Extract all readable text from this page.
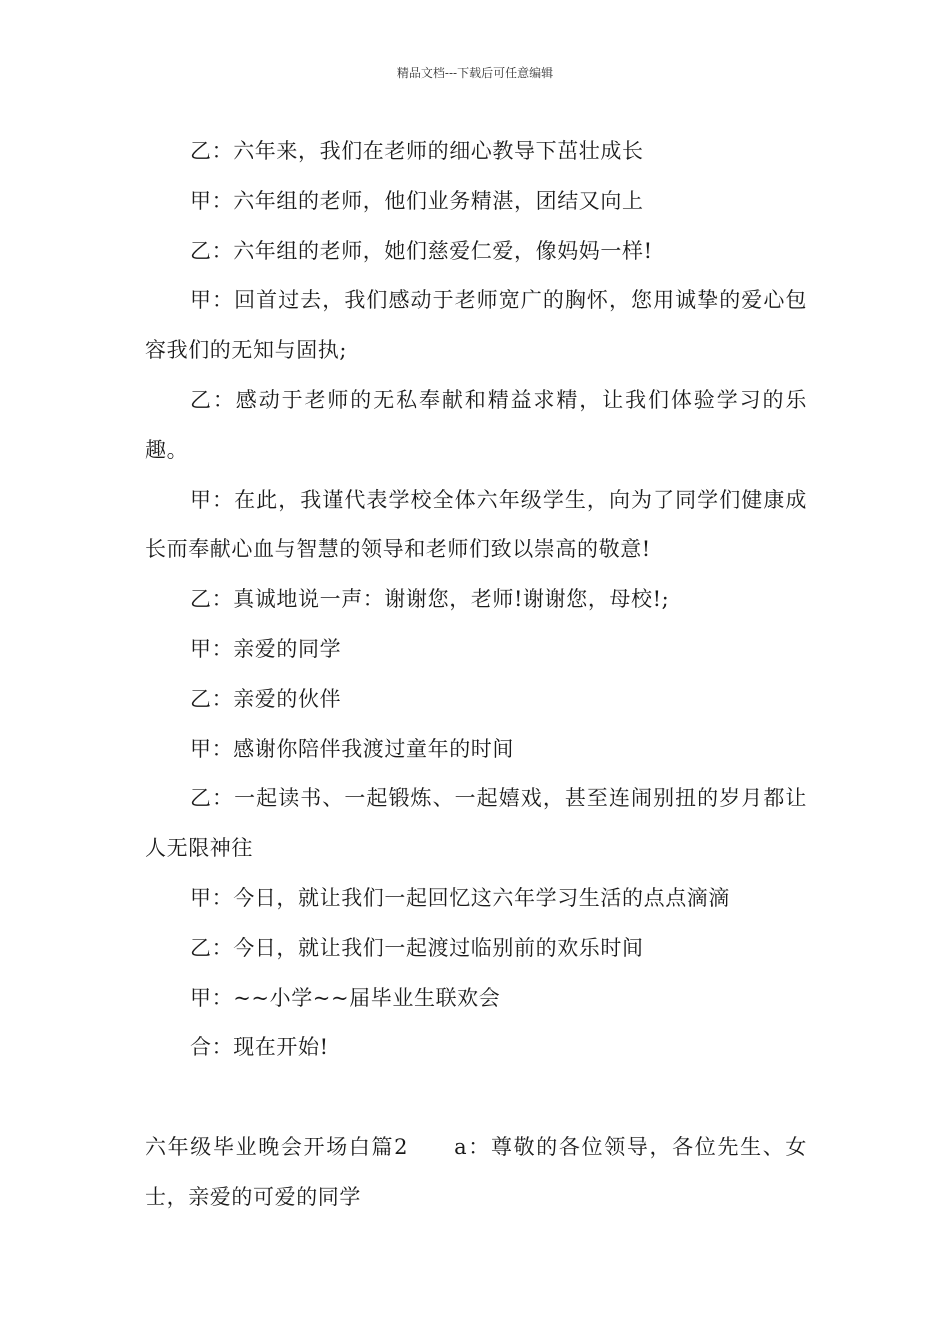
精品文档---下载后可任意编辑

乙：六年来，我们在老师的细心教导下茁壮成长

甲：六年组的老师，他们业务精湛，团结又向上

乙：六年组的老师，她们慈爱仁爱，像妈妈一样!

甲：回首过去，我们感动于老师宽广的胸怀，您用诚挚的爱心包容我们的无知与固执;

乙：感动于老师的无私奉献和精益求精，让我们体验学习的乐趣。

甲：在此，我谨代表学校全体六年级学生，向为了同学们健康成长而奉献心血与智慧的领导和老师们致以崇高的敬意!

乙：真诚地说一声：谢谢您，老师!谢谢您，母校!;

甲：亲爱的同学

乙：亲爱的伙伴

甲：感谢你陪伴我渡过童年的时间

乙：一起读书、一起锻炼、一起嬉戏，甚至连闹别扭的岁月都让人无限神往

甲：今日，就让我们一起回忆这六年学习生活的点点滴滴

乙：今日，就让我们一起渡过临别前的欢乐时间

甲：~~小学~~届毕业生联欢会

合：现在开始!

六年级毕业晚会开场白篇2 a：尊敬的各位领导，各位先生、女士，亲爱的可爱的同学
